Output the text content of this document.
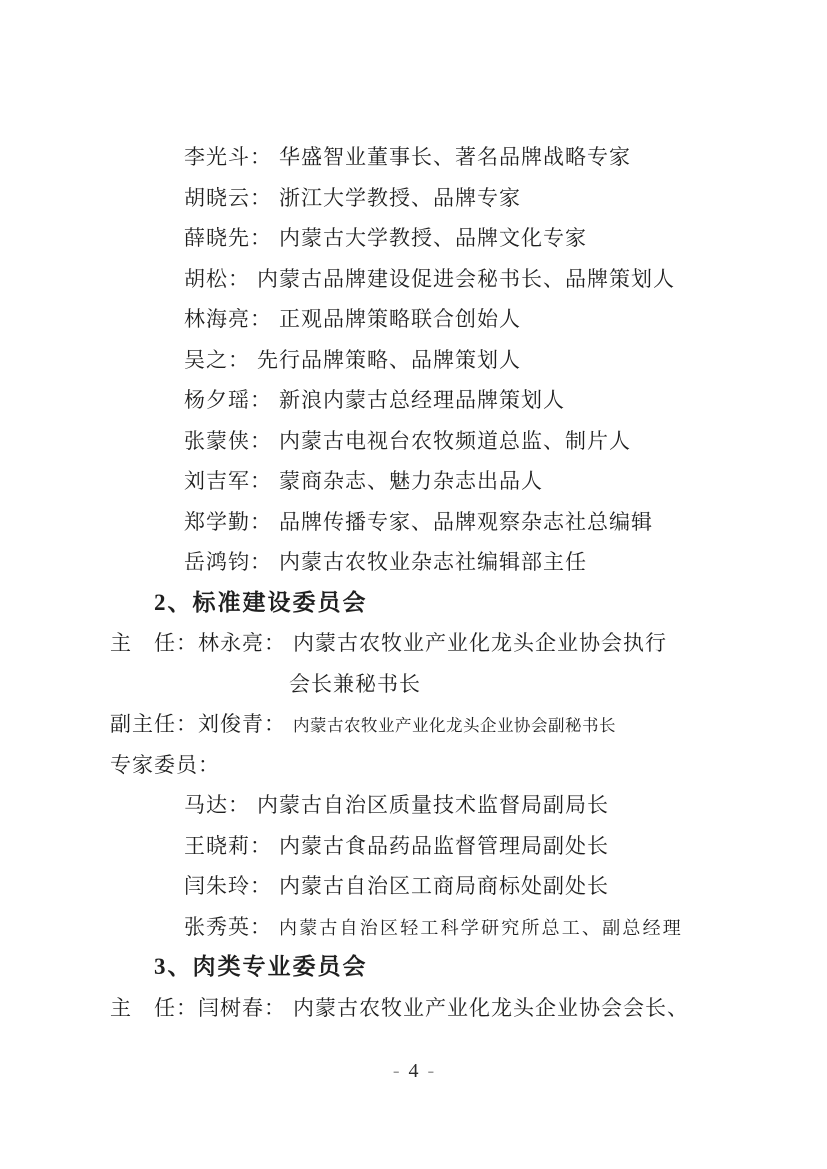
李光斗： 华盛智业董事长、著名品牌战略专家
胡晓云： 浙江大学教授、品牌专家
薛晓先： 内蒙古大学教授、品牌文化专家
胡松： 内蒙古品牌建设促进会秘书长、品牌策划人
林海亮： 正观品牌策略联合创始人
吴之： 先行品牌策略、品牌策划人
杨夕瑶： 新浪内蒙古总经理品牌策划人
张蒙侠： 内蒙古电视台农牧频道总监、制片人
刘吉军： 蒙商杂志、魅力杂志出品人
郑学勤： 品牌传播专家、品牌观察杂志社总编辑
岳鸿钧： 内蒙古农牧业杂志社编辑部主任
2、标准建设委员会
主　任：林永亮： 内蒙古农牧业产业化龙头企业协会执行
会长兼秘书长
副主任：刘俊青： 内蒙古农牧业产业化龙头企业协会副秘书长
专家委员：
马达： 内蒙古自治区质量技术监督局副局长
王晓莉： 内蒙古食品药品监督管理局副处长
闫朱玲： 内蒙古自治区工商局商标处副处长
张秀英： 内蒙古自治区轻工科学研究所总工、副总经理
3、肉类专业委员会
主　任：闫树春： 内蒙古农牧业产业化龙头企业协会会长、
- 4 -
